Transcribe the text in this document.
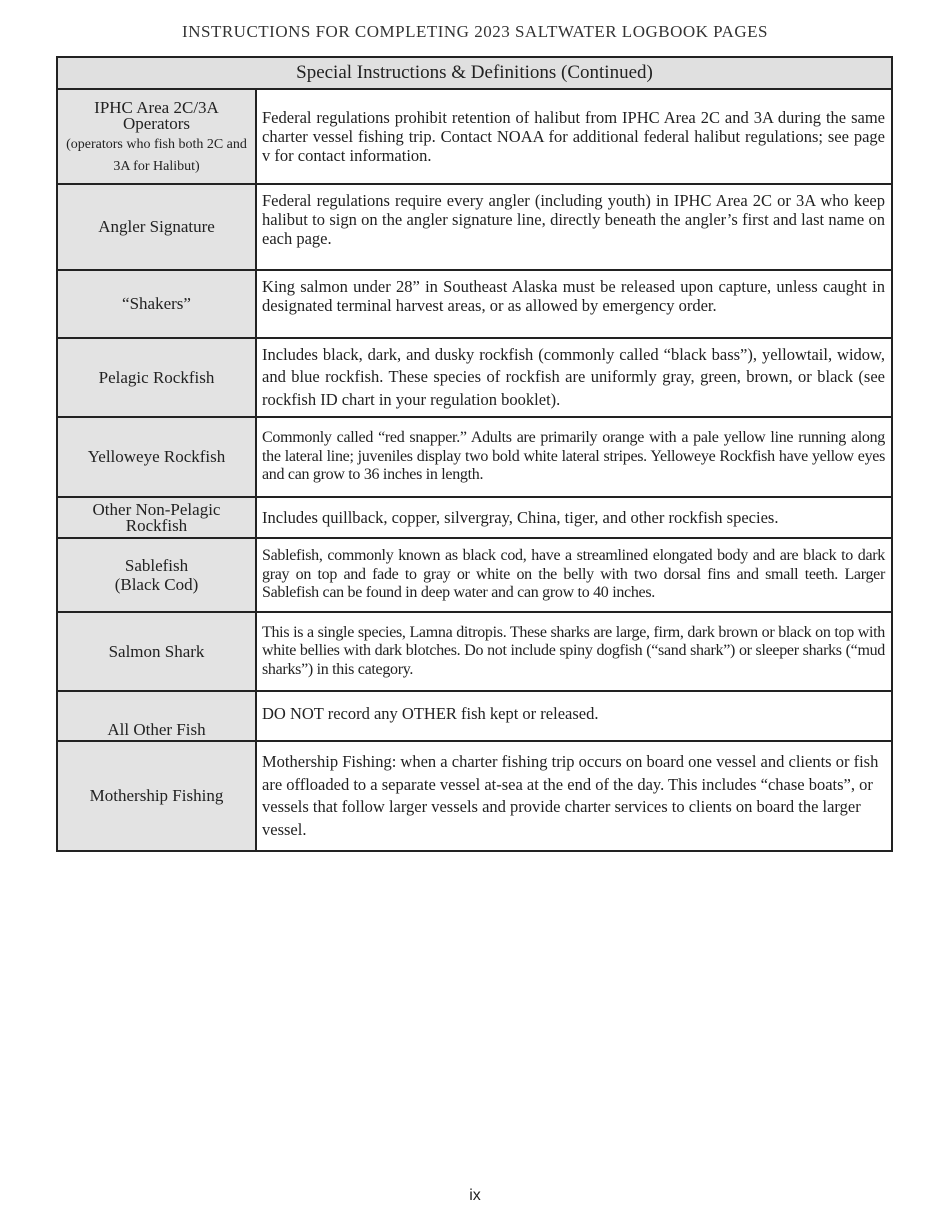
INSTRUCTIONS FOR COMPLETING 2023 SALTWATER LOGBOOK PAGES
Special Instructions & Definitions (Continued)
IPHC Area 2C/3A Operators
(operators who fish both 2C and 3A for Halibut)
Federal regulations prohibit retention of halibut from IPHC Area 2C and 3A during the same charter vessel fishing trip. Contact NOAA for additional federal halibut regulations; see page v for contact information.
Angler Signature
Federal regulations require every angler (including youth) in IPHC Area 2C or 3A who keep halibut to sign on the angler signature line, directly beneath the angler’s first and last name on each page.
“Shakers”
King salmon under 28” in Southeast Alaska must be released upon capture, unless caught in designated terminal harvest areas, or as allowed by emergency order.
Pelagic Rockfish
Includes black, dark, and dusky rockfish (commonly called “black bass”), yellowtail, widow, and blue rockfish. These species of rockfish are uniformly gray, green, brown, or black (see rockfish ID chart in your regulation booklet).
Yelloweye Rockfish
Commonly called “red snapper.” Adults are primarily orange with a pale yellow line running along the lateral line; juveniles display two bold white lateral stripes. Yelloweye Rockfish have yellow eyes and can grow to 36 inches in length.
Other Non-Pelagic Rockfish	Includes quillback, copper, silvergray, China, tiger, and other rockfish species.
Sablefish (Black Cod)
Sablefish, commonly known as black cod, have a streamlined elongated body and are black to dark gray on top and fade to gray or white on the belly with two dorsal fins and small teeth. Larger Sablefish can be found in deep water and can grow to 40 inches.
Salmon Shark
This is a single species, Lamna ditropis. These sharks are large, firm, dark brown or black on top with white bellies with dark blotches. Do not include spiny dogfish (“sand shark”) or sleeper sharks (“mud sharks”) in this category.
All Other Fish
DO NOT record any OTHER fish kept or released.
Mothership Fishing
Mothership Fishing: when a charter fishing trip occurs on board one vessel and clients or fish are offloaded to a separate vessel at-sea at the end of the day. This includes “chase boats”, or vessels that follow larger vessels and provide charter services to clients on board the larger vessel.
ix
